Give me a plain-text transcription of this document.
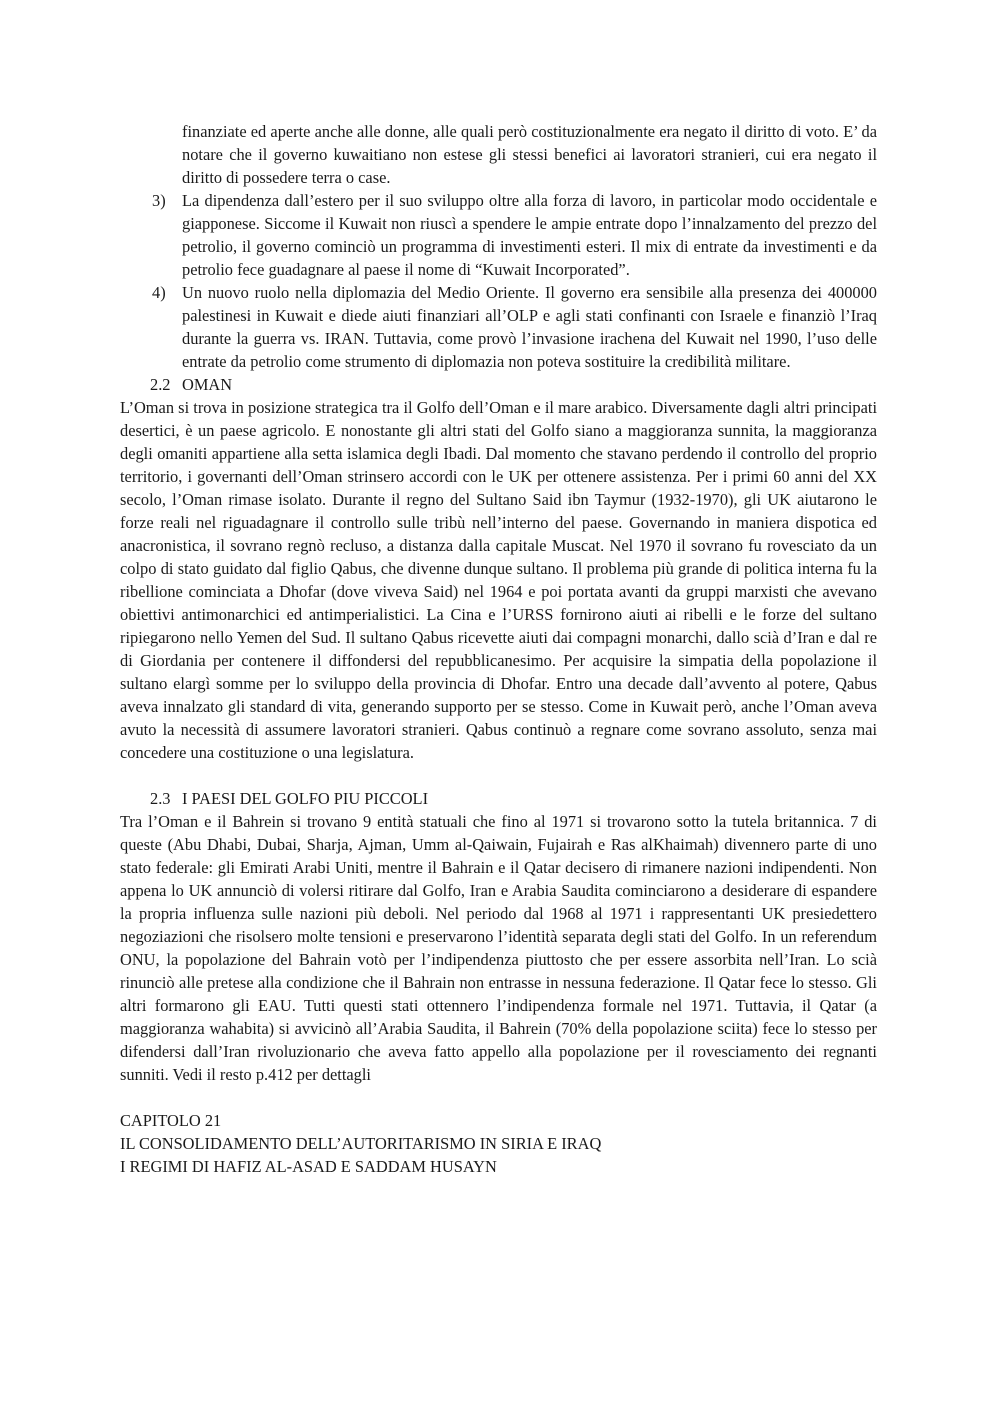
finanziate ed aperte anche alle donne, alle quali però costituzionalmente era negato il diritto di voto. E’ da notare che il governo kuwaitiano non estese gli stessi benefici ai lavoratori stranieri, cui era negato il diritto di possedere terra o case.

3) La dipendenza dall’estero per il suo sviluppo oltre alla forza di lavoro, in particolar modo occidentale e giapponese. Siccome il Kuwait non riuscì a spendere le ampie entrate dopo l’innalzamento del prezzo del petrolio, il governo cominciò un programma di investimenti esteri. Il mix di entrate da investimenti e da petrolio fece guadagnare al paese il nome di “Kuwait Incorporated”.
4) Un nuovo ruolo nella diplomazia del Medio Oriente. Il governo era sensibile alla presenza dei 400000 palestinesi in Kuwait e diede aiuti finanziari all’OLP e agli stati confinanti con Israele e finanziò l’Iraq durante la guerra vs. IRAN. Tuttavia, come provò l’invasione irachena del Kuwait nel 1990, l’uso delle entrate da petrolio come strumento di diplomazia non poteva sostituire la credibilità militare.
2.2 OMAN

L’Oman si trova in posizione strategica tra il Golfo dell’Oman e il mare arabico. Diversamente dagli altri principati desertici, è un paese agricolo. E nonostante gli altri stati del Golfo siano a maggioranza sunnita, la maggioranza degli omaniti appartiene alla setta islamica degli Ibadi. Dal momento che stavano perdendo il controllo del proprio territorio, i governanti dell’Oman strinsero accordi con le UK per ottenere assistenza. Per i primi 60 anni del XX secolo, l’Oman rimase isolato. Durante il regno del Sultano Said ibn Taymur (1932-1970), gli UK aiutarono le forze reali nel riguadagnare il controllo sulle tribù nell’interno del paese. Governando in maniera dispotica ed anacronistica, il sovrano regnò recluso, a distanza dalla capitale Muscat. Nel 1970 il sovrano fu rovesciato da un colpo di stato guidato dal figlio Qabus, che divenne dunque sultano. Il problema più grande di politica interna fu la ribellione cominciata a Dhofar (dove viveva Said) nel 1964 e poi portata avanti da gruppi marxisti che avevano obiettivi antimonarchici ed antimperialistici. La Cina e l’URSS fornirono aiuti ai ribelli e le forze del sultano ripiegarono nello Yemen del Sud. Il sultano Qabus ricevette aiuti dai compagni monarchi, dallo scià d’Iran e dal re di Giordania per contenere il diffondersi del repubblicanesimo. Per acquisire la simpatia della popolazione il sultano elargì somme per lo sviluppo della provincia di Dhofar. Entro una decade dall’avvento al potere, Qabus aveva innalzato gli standard di vita, generando supporto per se stesso. Come in Kuwait però, anche l’Oman aveva avuto la necessità di assumere lavoratori stranieri. Qabus continuò a regnare come sovrano assoluto, senza mai concedere una costituzione o una legislatura.

2.3 I PAESI DEL GOLFO PIU PICCOLI

Tra l’Oman e il Bahrein si trovano 9 entità statuali che fino al 1971 si trovarono sotto la tutela britannica. 7 di queste (Abu Dhabi, Dubai, Sharja, Ajman, Umm al-Qaiwain, Fujairah e Ras alKhaimah) divennero parte di uno stato federale: gli Emirati Arabi Uniti, mentre il Bahrain e il Qatar decisero di rimanere nazioni indipendenti. Non appena lo UK annunciò di volersi ritirare dal Golfo, Iran e Arabia Saudita cominciarono a desiderare di espandere la propria influenza sulle nazioni più deboli. Nel periodo dal 1968 al 1971 i rappresentanti UK presiedettero negoziazioni che risolsero molte tensioni e preservarono l’identità separata degli stati del Golfo. In un referendum ONU, la popolazione del Bahrain votò per l’indipendenza piuttosto che per essere assorbita nell’Iran. Lo scià rinunciò alle pretese alla condizione che il Bahrain non entrasse in nessuna federazione. Il Qatar fece lo stesso. Gli altri formarono gli EAU. Tutti questi stati ottennero l’indipendenza formale nel 1971. Tuttavia, il Qatar (a maggioranza wahabita) si avvicinò all’Arabia Saudita, il Bahrein (70% della popolazione sciita) fece lo stesso per difendersi dall’Iran rivoluzionario che aveva fatto appello alla popolazione per il rovesciamento dei regnanti sunniti. Vedi il resto p.412 per dettagli

CAPITOLO 21
IL CONSOLIDAMENTO DELL’AUTORITARISMO IN SIRIA E IRAQ
I REGIMI DI HAFIZ AL-ASAD E SADDAM HUSAYN
